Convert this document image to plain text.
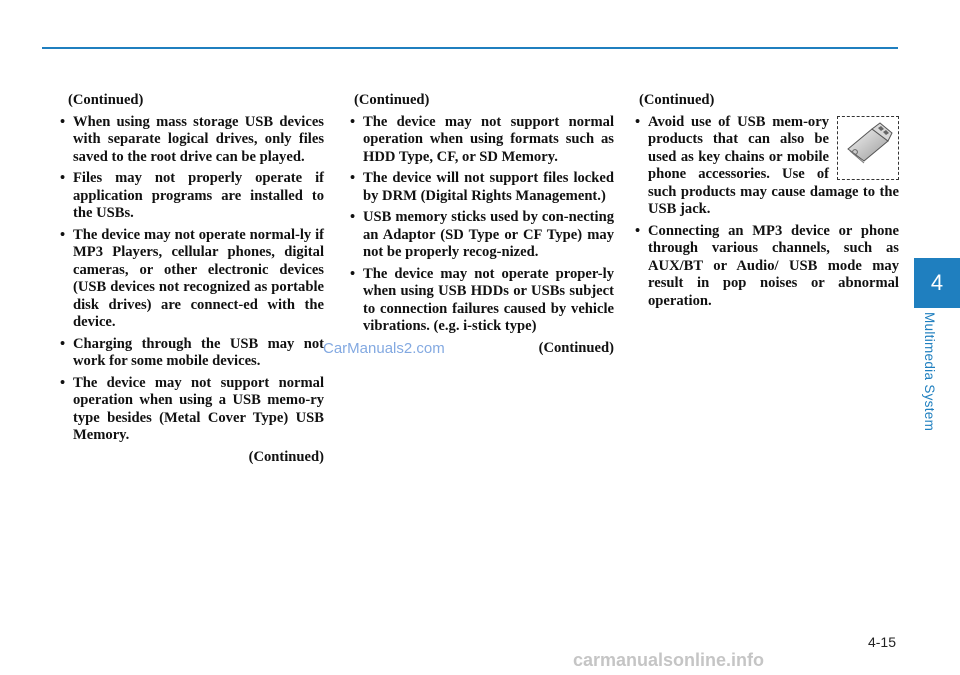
(Continued)
• When using mass storage USB devices with separate logical drives, only files saved to the root drive can be played.
• Files may not properly operate if application programs are installed to the USBs.
• The device may not operate normal-ly if MP3 Players, cellular phones, digital cameras, or other electronic devices (USB devices not recognized as portable disk drives) are connect-ed with the device.
• Charging through the USB may not work for some mobile devices.
• The device may not support normal operation when using a USB memo-ry type besides (Metal Cover Type) USB Memory.
(Continued)
(Continued)
• The device may not support normal operation when using formats such as HDD Type, CF, or SD Memory.
• The device will not support files locked by DRM (Digital Rights Management.)
• USB memory sticks used by con-necting an Adaptor (SD Type or CF Type) may not be properly recog-nized.
• The device may not operate proper-ly when using USB HDDs or USBs subject to connection failures caused by vehicle vibrations. (e.g. i-stick type)
(Continued)
(Continued)
• Avoid use of USB mem-ory products that can also be used as key chains or mobile phone accessories. Use of such products may cause damage to the USB jack.
• Connecting an MP3 device or phone through various channels, such as AUX/BT or Audio/ USB mode may result in pop noises or abnormal operation.
4
Multimedia System
4-15
CarManuals2.com
carmanualsonline.info
